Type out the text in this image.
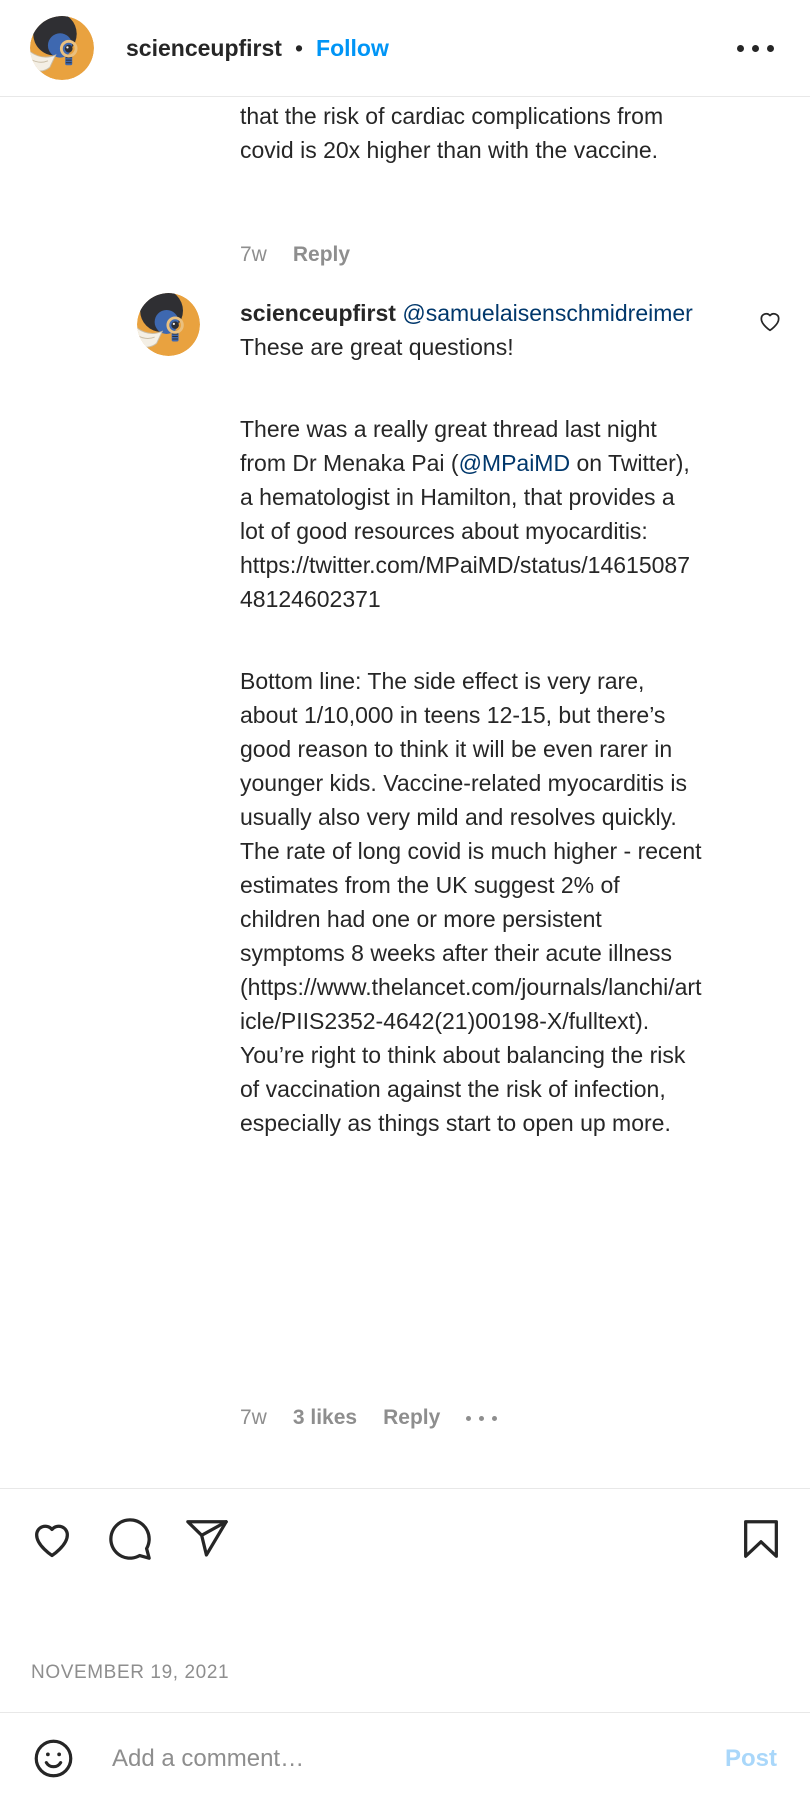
scienceupfirst • Follow
that the risk of cardiac complications from covid is 20x higher than with the vaccine.
7w Reply
scienceupfirst @samuelaisenschmidreimer These are great questions!
There was a really great thread last night from Dr Menaka Pai (@MPaiMD on Twitter), a hematologist in Hamilton, that provides a lot of good resources about myocarditis: https://twitter.com/MPaiMD/status/1461508748124602371
Bottom line: The side effect is very rare, about 1/10,000 in teens 12-15, but there’s good reason to think it will be even rarer in younger kids. Vaccine-related myocarditis is usually also very mild and resolves quickly. The rate of long covid is much higher - recent estimates from the UK suggest 2% of children had one or more persistent symptoms 8 weeks after their acute illness (https://www.thelancet.com/journals/lanchi/article/PIIS2352-4642(21)00198-X/fulltext). You’re right to think about balancing the risk of vaccination against the risk of infection, especially as things start to open up more.
7w 3 likes Reply
NOVEMBER 19, 2021
Add a comment…
Post
